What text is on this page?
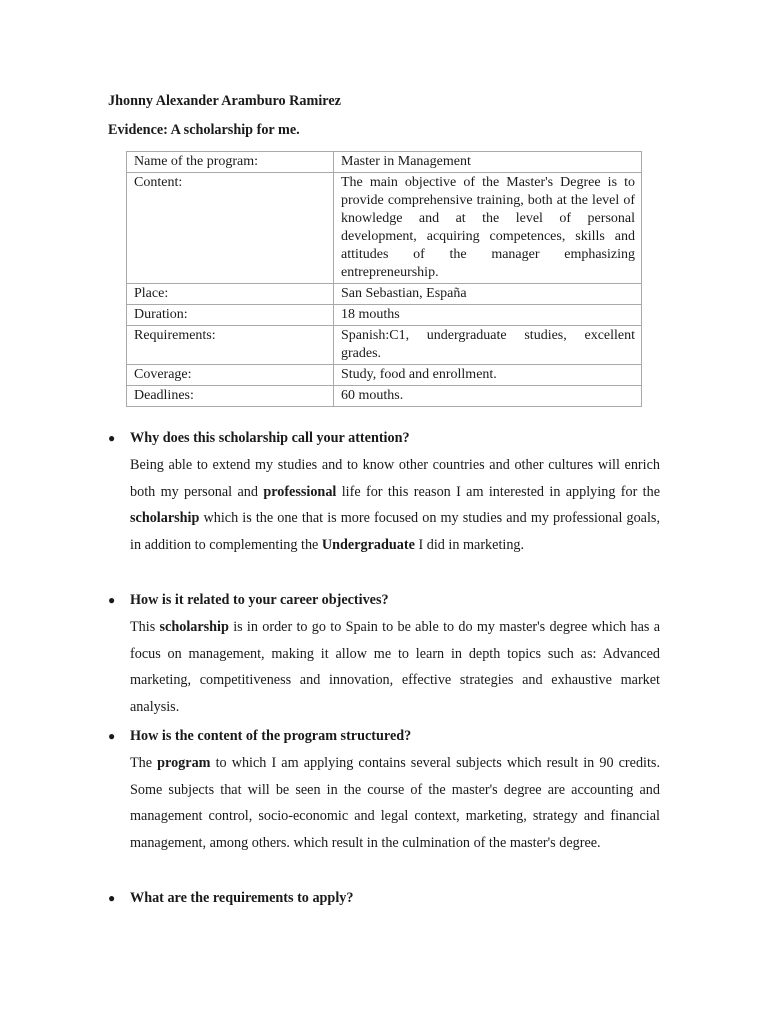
Jhonny Alexander Aramburo Ramirez
Evidence: A scholarship for me.
Name of the program:	Master in Management
Content:	The main objective of the Master's Degree is to provide comprehensive training, both at the level of knowledge and at the level of personal development, acquiring competences, skills and attitudes of the manager emphasizing entrepreneurship.
Place:	San Sebastian, España
Duration:	18 mouths
Requirements:	Spanish:C1, undergraduate studies, excellent grades.
Coverage:	Study, food and enrollment.
Deadlines:	60 mouths.
● Why does this scholarship call your attention?
Being able to extend my studies and to know other countries and other cultures will enrich both my personal and professional life for this reason I am interested in applying for the scholarship which is the one that is more focused on my studies and my professional goals, in addition to complementing the Undergraduate I did in marketing.
● How is it related to your career objectives?
This scholarship is in order to go to Spain to be able to do my master's degree which has a focus on management, making it allow me to learn in depth topics such as: Advanced marketing, competitiveness and innovation, effective strategies and exhaustive market analysis.
● How is the content of the program structured?
The program to which I am applying contains several subjects which result in 90 credits. Some subjects that will be seen in the course of the master's degree are accounting and management control, socio-economic and legal context, marketing, strategy and financial management, among others. which result in the culmination of the master's degree.
● What are the requirements to apply?
